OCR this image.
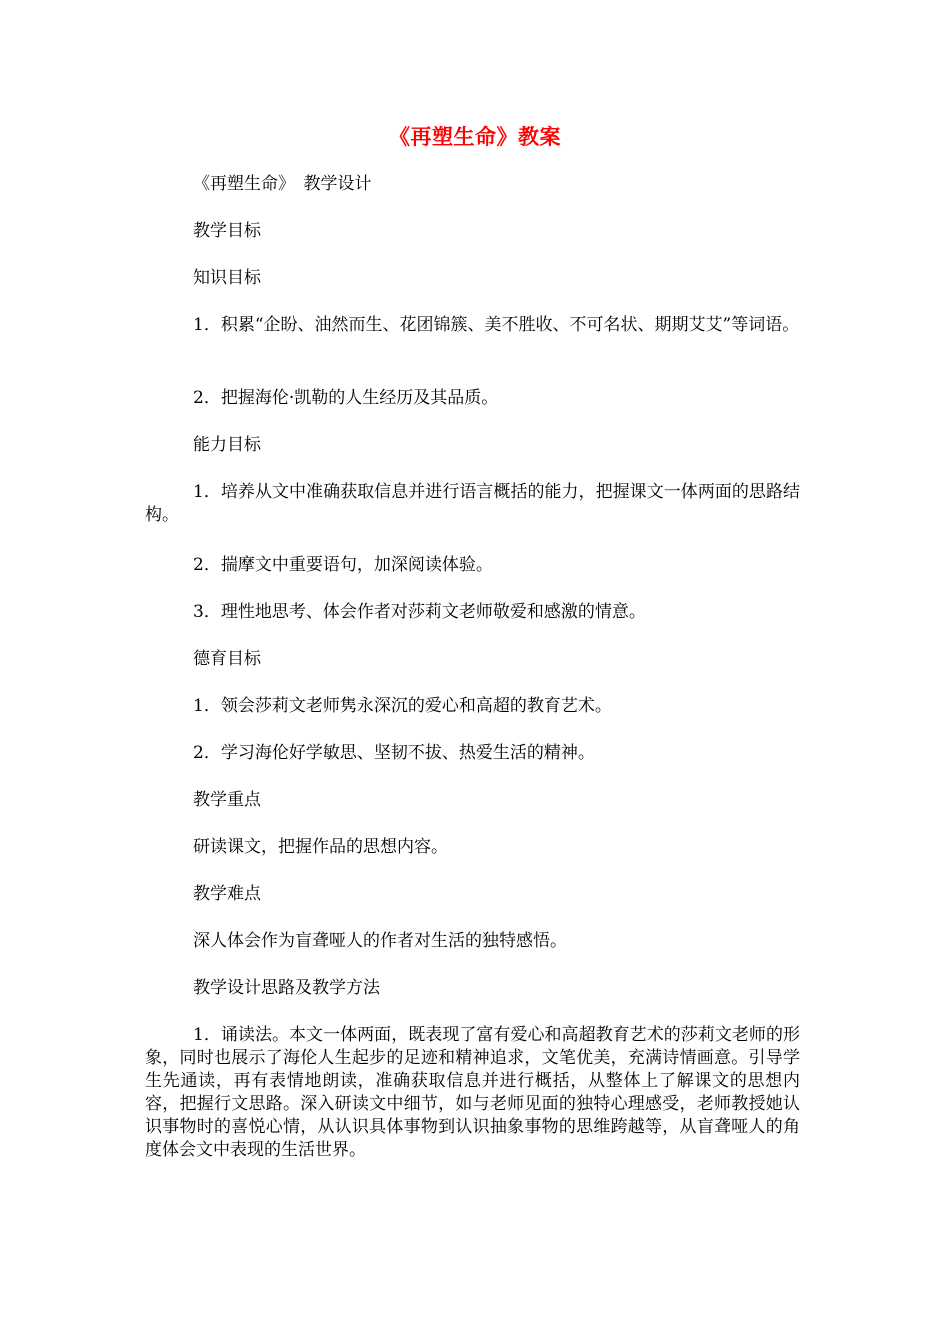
《再塑生命》教案

《再塑生命》　教学设计

教学目标

知识目标

1．积累“企盼、油然而生、花团锦簇、美不胜收、不可名状、期期艾艾”等词语。

2．把握海伦·凯勒的人生经历及其品质。

能力目标

1．培养从文中准确获取信息并进行语言概括的能力，把握课文一体两面的思路结构。

2．揣摩文中重要语句，加深阅读体验。

3．理性地思考、体会作者对莎莉文老师敬爱和感激的情意。

德育目标

1．领会莎莉文老师隽永深沉的爱心和高超的教育艺术。

2．学习海伦好学敏思、坚韧不拔、热爱生活的精神。

教学重点

研读课文，把握作品的思想内容。

教学难点

深人体会作为盲聋哑人的作者对生活的独特感悟。

教学设计思路及教学方法

1．诵读法。本文一体两面，既表现了富有爱心和高超教育艺术的莎莉文老师的形象，同时也展示了海伦人生起步的足迹和精神追求，文笔优美，充满诗情画意。引导学生先通读，再有表情地朗读，准确获取信息并进行概括，从整体上了解课文的思想内容，把握行文思路。深入研读文中细节，如与老师见面的独特心理感受，老师教授她认识事物时的喜悦心情，从认识具体事物到认识抽象事物的思维跨越等，从盲聋哑人的角度体会文中表现的生活世界。
